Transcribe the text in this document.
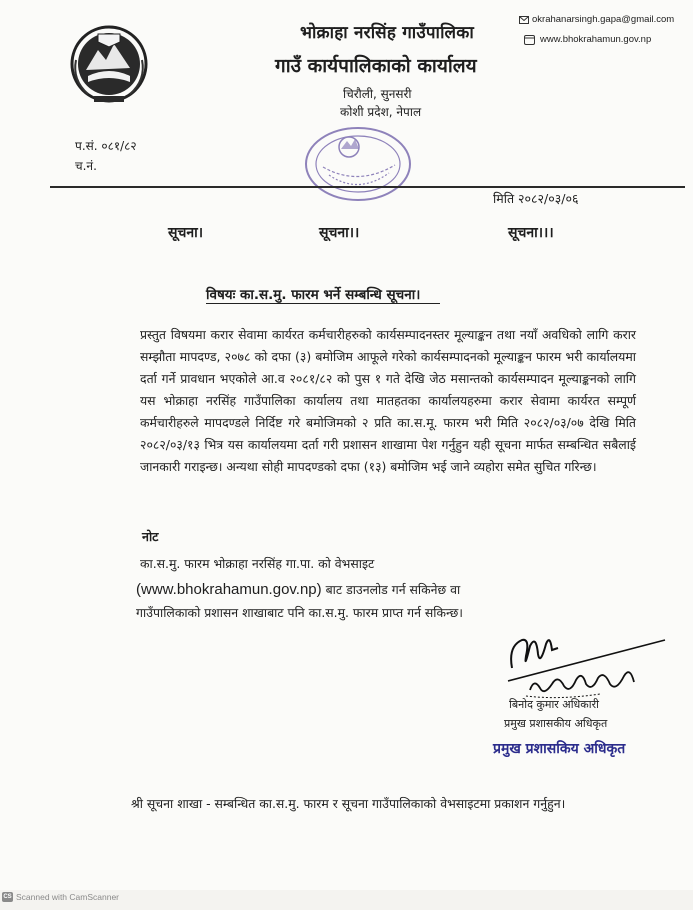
भोक्राहा नरसिंह गाउँपालिका
गाउँ कार्यपालिकाको कार्यालय
चिरौली, सुनसरी
कोशी प्रदेश, नेपाल
okrahanarsingh.gapa@gmail.com
www.bhokrahamun.gov.np
प.सं. ०८१/८२
च.नं.
मिति २०८२/०३/०६
सूचना।	सूचना।।	सूचना।।।
विषयः का.स.मु. फारम भर्ने सम्बन्धि सूचना।
प्रस्तुत विषयमा करार सेवामा कार्यरत कर्मचारीहरुको कार्यसम्पादनस्तर मूल्याङ्कन तथा नयाँ अवधिको लागि करार सम्झौता मापदण्ड, २०७८ को दफा (३) बमोजिम आफूले गरेको कार्यसम्पादनको मूल्याङ्कन फारम भरी कार्यालयमा दर्ता गर्ने प्रावधान भएकोले आ.व २०८१/८२ को पुस १ गते देखि जेठ मसान्तको कार्यसम्पादन मूल्याङ्कनको लागि यस भोक्राहा नरसिंह गाउँपालिका कार्यालय तथा मातहतका कार्यालयहरुमा करार सेवामा कार्यरत सम्पूर्ण कर्मचारीहरुले मापदण्डले निर्दिष्ट गरे बमोजिमको २ प्रति का.स.मू. फारम भरी मिति २०८२/०३/०७ देखि मिति २०८२/०३/१३ भित्र यस कार्यालयमा दर्ता गरी प्रशासन शाखामा पेश गर्नुहुन यही सूचना मार्फत सम्बन्धित सबैलाई जानकारी गराइन्छ। अन्यथा सोही मापदण्डको दफा (१३) बमोजिम भई जाने व्यहोरा समेत सुचित गरिन्छ।
नोट
का.स.मु. फारम भोक्राहा नरसिंह गा.पा. को वेभसाइट
(www.bhokrahamun.gov.np) बाट डाउनलोड गर्न सकिनेछ वा
गाउँपालिकाको प्रशासन शाखाबाट पनि का.स.मु. फारम प्राप्त गर्न सकिन्छ।
बिनोद कुमार अधिकारी
प्रमुख प्रशासकीय अधिकृत
प्रमुख प्रशासकिय अधिकृत
श्री सूचना शाखा - सम्बन्धित का.स.मु. फारम र सूचना गाउँपालिकाको वेभसाइटमा प्रकाशन गर्नुहुन।
CS Scanned with CamScanner
